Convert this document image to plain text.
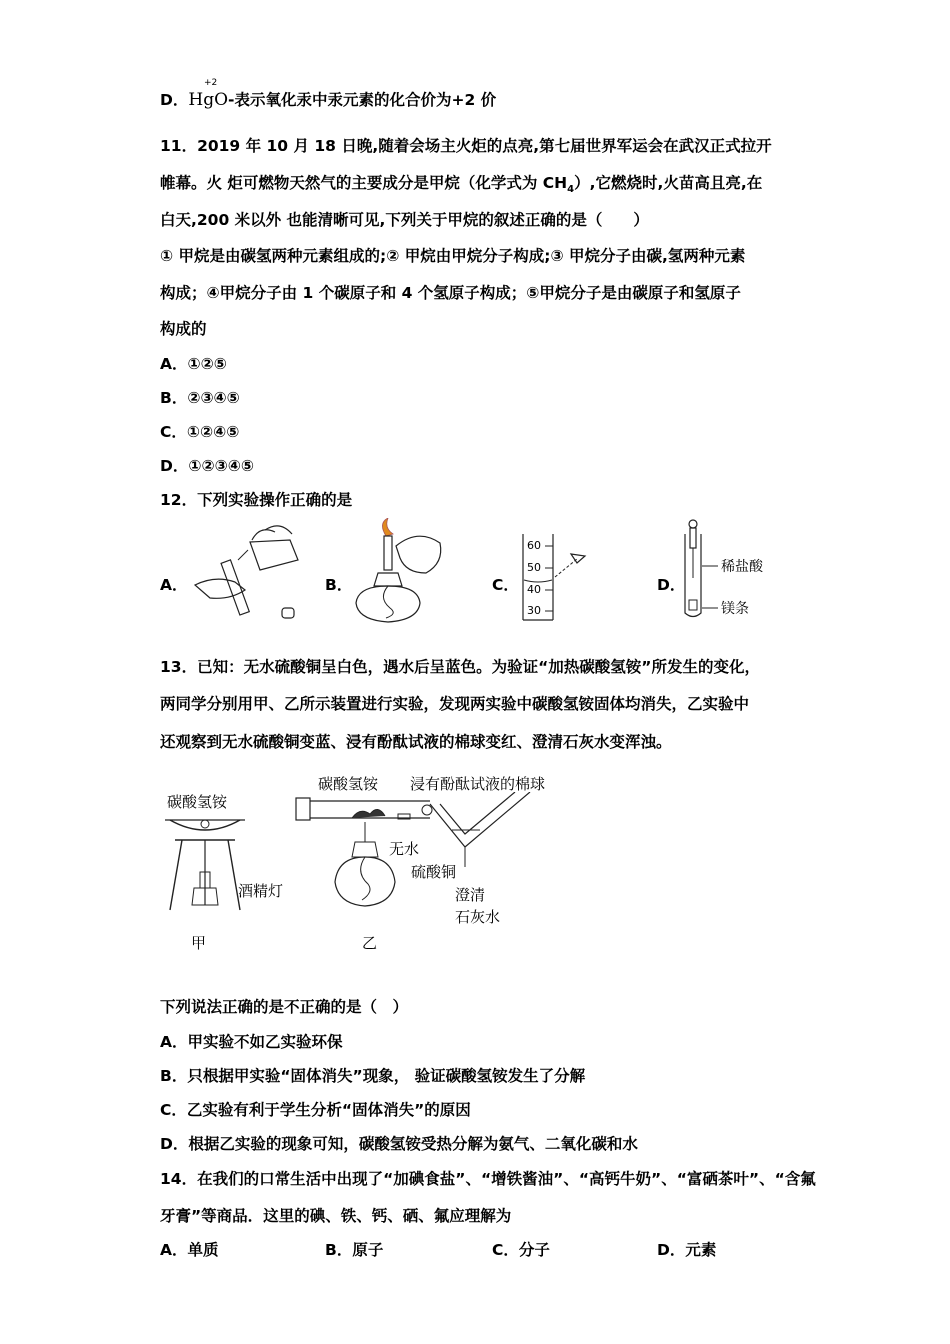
D．HgO-表示氧化汞中汞元素的化合价为+2 价
+2
11．2019 年 10 月 18 日晚,随着会场主火炬的点亮,第七届世界军运会在武汉正式拉开
帷幕。火 炬可燃物天然气的主要成分是甲烷（化学式为 $CH_4$）,它燃烧时,火苗高且亮,在
白天,200 米以外 也能清晰可见,下列关于甲烷的叙述正确的是（　　）
① 甲烷是由碳氢两种元素组成的;② 甲烷由甲烷分子构成;③ 甲烷分子由碳,氢两种元素
构成；④甲烷分子由 1 个碳原子和 4 个氢原子构成；⑤甲烷分子是由碳原子和氢原子
构成的
A．①②⑤
B．②③④⑤
C．①②④⑤
D．①②③④⑤
12．下列实验操作正确的是
A．	B．	C．
60
50
40
30
D．
稀盐酸
镁条
13．已知：无水硫酸铜呈白色，遇水后呈蓝色。为验证“加热碳酸氢铵”所发生的变化，
两同学分别用甲、乙所示装置进行实验，发现两实验中碳酸氢铵固体均消失，乙实验中
还观察到无水硫酸铜变蓝、浸有酚酞试液的棉球变红、澄清石灰水变浑浊。
碳酸氢铵
酒精灯
甲
碳酸氢铵 浸有酚酞试液的棉球
无水
硫酸铜
澄清
石灰水
乙
下列说法正确的是不正确的是（　）
A．甲实验不如乙实验环保
B．只根据甲实验“固体消失”现象， 验证碳酸氢铵发生了分解
C．乙实验有利于学生分析“固体消失”的原因
D．根据乙实验的现象可知，碳酸氢铵受热分解为氨气、二氧化碳和水
14．在我们的口常生活中出现了“加碘食盐”、“增铁酱油”、“高钙牛奶”、“富硒茶叶”、“含氟
牙膏”等商品．这里的碘、铁、钙、硒、氟应理解为
A．单质	B．原子	C．分子	D．元素
